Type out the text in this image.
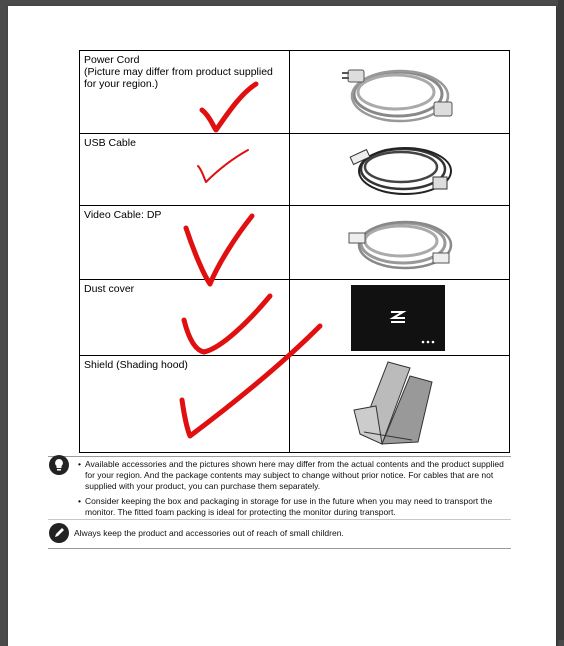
Power Cord
(Picture may differ from product supplied
for your region.)

USB Cable

Video Cable: DP

Dust cover

Shield (Shading hood)

• Available accessories and the pictures shown here may differ from the actual contents and the product supplied for your region. And the package contents may subject to change without prior notice. For cables that are not supplied with your product, you can purchase them separately.
• Consider keeping the box and packaging in storage for use in the future when you may need to transport the monitor. The fitted foam packing is ideal for protecting the monitor during transport.
Always keep the product and accessories out of reach of small children.
